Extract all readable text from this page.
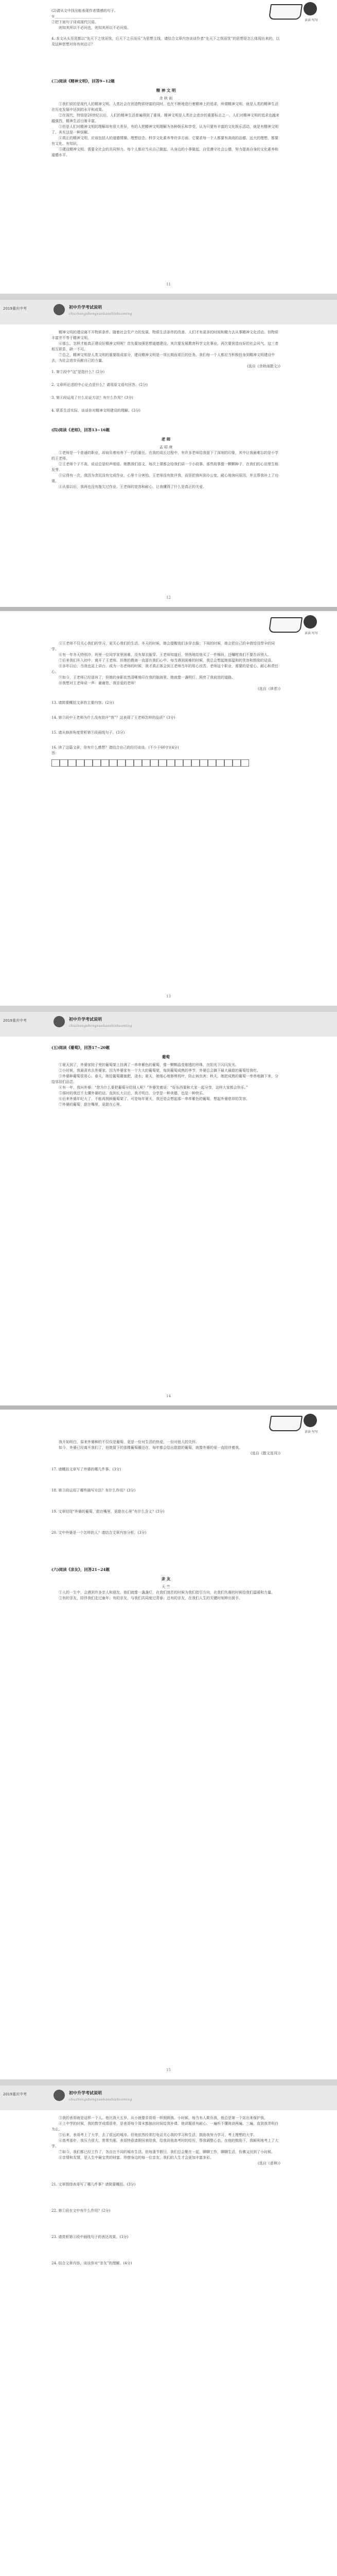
读读·写写

(2)请从文中找出能表现作者情感的句子。

①__________________________

②把下面句子译成现代汉语。

则知其所以不必问也，则知其所以不必问焉。

4. 本文从头至尾都以“先天下之忧而忧，后天下之乐而乐”为思想主线，请结合文章内容谈谈作者“先天下之忧而忧”的思想是怎么体现出来的，以及这种思想对你有何启示？

(三)阅读《精神文明》，回答9~12题

精 神 文 明

余 秋 雨

①我们说的是现代人的精神文明。人类社会在创造物质财富的同时，也在不断地进行着精神上的追求，所谓精神文明，就是人类的精神生活在历史发展中达到的水平和成果。

②在现代，特别是20世纪以后，人们的精神生活普遍得到了重视。精神文明是人类社会进步的重要标志之一。人们对精神文明的追求也越来越强烈，精神生活日渐丰富。

③但是人们对精神文明的理解却有很大差异，有的人把精神文明理解为各种娱乐和享受，认为只要有丰富的文化娱乐活动，就是有精神文明了。其实这是一种误解。

④真正的精神文明，应该包括人的道德情操、理想信念、科学文化素养等许多方面。它要求每一个人都要有高尚的品德、远大的理想，都要有文化、有知识。

⑤建设精神文明，需要全社会的共同努力。每个人都应当从自己做起，从身边的小事做起，自觉遵守社会公德，努力提高自身的文化素养和道德水平。

11
2019重庆中考	初中升学考试说明
chuzhongshengxuekaoshishuoming

精神文明的建设离不开物质条件。随着社会生产力的发展，物质生活条件的改善，人们才有更多的时间和精力去从事精神文化活动。但物质丰富并不等于精神文明。

⑥那么，怎样才能真正建设好精神文明呢？首先要加强思想道德建设，其次要发展教育科学文化事业，再次要营造良好的社会风气。这三者相互联系，缺一不可。

⑦总之，精神文明是人类文明的重要组成部分，建设精神文明是一项长期而艰巨的任务。我们每一个人都应当积极投身到精神文明建设中去，为社会进步贡献自己的力量。

(选自《余秋雨散文》)

1. 第②段中“这”是指什么？(2分)

2. 文章所论述的中心论点是什么？请用原文语句回答。(2分)

3. 第④段运用了什么论证方法？有什么作用？(3分)

4. 联系生活实际，谈谈你对精神文明建设的理解。(3分)

(四)阅读《老师》，回答13~16题

老 师

孟 昭 庚

①老师是一个普通的职业，却肩负着培养下一代的重任。在我的成长过程中，有许多老师给我留下了深刻的印象，其中让我最难忘的是小学的王老师。

②王老师个子不高，说话总是轻声细语。她教我们语文，每次上课都会给我们讲一个小故事。那些故事像一颗颗种子，在我们的心田里生根发芽。

③记得有一次，我因为贪玩没有完成作业，心里十分害怕。王老师没有批评我，而是把我叫到办公室，耐心地询问原因，并且帮我补上了功课。

④从那以后，我再也没有拖欠过作业。王老师的宽容和耐心，让我懂得了什么是真正的关爱。

12
读读·写写

⑤王老师不仅关心我们的学习，更关心我们的生活。冬天的时候，她会提醒我们多穿衣服；下雨的时候，她会把自己的伞借给没带伞的同学。

⑥有一年冬天特别冷，班里一位同学家里困难，没有厚衣服穿。王老师知道后，悄悄地给他买了一件棉袄，还嘱咐我们不要告诉别人。

⑦后来我们升入初中，离开了王老师。但她的教诲一直留在我们心中。每当遇到困难的时候，我总会想起她那温和的笑容和鼓励的话语。

⑧多年以后，当我也站上讲台，成为一名老师的时候，我才真正体会到王老师当年的用心良苦。老师这个职业，需要的是爱心、耐心和责任心。

⑨如今，王老师已经退休了，但她的身影依然清晰地印在我的脑海里。她就像一盏明灯，照亮了我前进的道路。

⑩我想对王老师说一声：谢谢您，我亲爱的老师！

(选自《读者》)

13. 请简要概括文章的主要内容。(2分)

14. 第③段中王老师为什么没有批评“我”？这表现了王老师怎样的品质？(3分)

15. 请从修辞角度赏析第⑨段画线句子。(3分)

16. 读了这篇文章，你有什么感想？请结合自己的经历谈谈。(不少于60字)(4分)

答：

13
2019重庆中考	初中升学考试说明
chuzhongshengxuekaoshishuoming

(五)阅读《葡萄》，回答17~20题

葡萄

①夏天到了，外婆家院子里的葡萄架上挂满了一串串紫色的葡萄，像一颗颗晶莹剔透的珍珠，在阳光下闪闪发光。

②小时候，我最喜欢去外婆家。因为外婆家有一个大大的葡萄架，每到葡萄成熟的季节，外婆总会摘下最大最甜的葡萄给我吃。

③外婆种葡萄很用心。春天，她给葡萄藤施肥、浇水；夏天，她细心地修剪枝叶，防止病虫害；秋天，她把成熟的葡萄一串串地摘下来，分给邻居们品尝。

④有一年，我问外婆：“您为什么要把葡萄分给别人呢？”外婆笑着说：“好东西要和大家一起分享，这样大家都会快乐。”

⑤那时的我还不太懂外婆的话。直到长大以后，我才明白，分享是一种美德，也是一种快乐。

⑥后来外婆年纪大了，不能再照顾葡萄架了。可是每年夏天，我还是会想起那一串串紫色的葡萄，想起外婆慈祥的笑容。

⑦外婆的葡萄，甜在嘴里，更甜在心里。

14
读读·写写

我开始明白，原来外婆种的不仅仅是葡萄，更是一份对生活的热爱，一份对他人的关怀。

如今，外婆已经离开我们了，但她留下的那棵葡萄藤还在，每年都会结出甜甜的葡萄，就像外婆的爱一直陪伴着我。

(选自《散文选刊》)

17. 请概括文章写了外婆的哪几件事。(3分)

18. 第③段运用了哪些描写方法？有什么作用？(3分)

19. 文章结尾“外婆的葡萄，甜在嘴里，更甜在心里”有什么含义？(3分)

20. 文中外婆是一个怎样的人？请结合文章内容分析。(3分)

(六)阅读《亲友》，回答21~24题

亲 友

天 竺

①人的一生中，会遇到许多亲人和朋友。他们就像一盏盏灯，在我们迷茫的时候为我们指引方向，在我们失落的时候给我们温暖和力量。

②有的亲友，陪伴我们走过童年；有的亲友，与我们共同度过青春；还有的亲友，在我们人生的关键时刻伸出援手。

15
2019重庆中考	初中升学考试说明
chuzhongshengxuekaoshishuoming

③我的表哥就是这样一个人。他比我大五岁，从小就像亲哥哥一样照顾我。小时候，每当有人欺负我，他总是第一个站出来保护我。

④上中学的时候，我的数学成绩很差，是表哥每个周末都抽出时间给我补课。他讲题很有耐心，一遍听不懂就讲两遍、三遍，直到我弄明白为止。

⑤后来，表哥考上了大学，去了很远的城市。但他依然经常打电话关心我的学习和生活，鼓励我努力学习，考上理想的大学。

⑥高考那年，我压力很大，常常失眠。表哥特意请假回来陪我，给我讲他高考时的经历，帮我调整心态。在他的鼓励下，我顺利地考上了大学。

⑦如今，我们都已经工作了，各自在不同的城市生活。但每逢节假日，我们总会聚在一起，聊聊工作，聊聊生活，仿佛又回到了小时候。

⑧亲情和友情，是人生中最宝贵的财富。珍惜身边的每一位亲友，我们的人生才会更加丰富多彩。

(选自《意林》)

21. 文章围绕表哥写了哪几件事？请简要概括。(3分)

22. 第①段在文中有什么作用？(2分)

23. 请赏析第④段中画线句子的表达效果。(3分)

24. 结合文章内容，谈谈你对“亲友”的理解。(4分)
